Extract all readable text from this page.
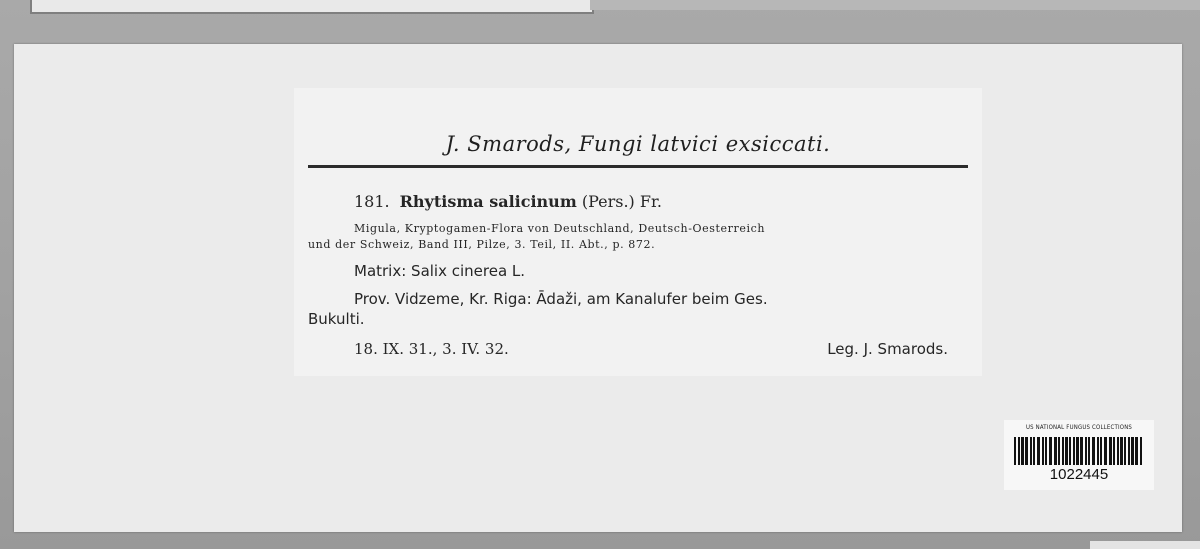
J. Smarods, Fungi latvici exsiccati.
181. Rhytisma salicinum (Pers.) Fr.
Migula, Kryptogamen-Flora von Deutschland, Deutsch-Oesterreich
und der Schweiz, Band III, Pilze, 3. Teil, II. Abt., p. 872.
Matrix: Salix cinerea L.
Prov. Vidzeme, Kr. Riga: Ādaži, am Kanalufer beim Ges.
Bukulti.
18. IX. 31., 3. IV. 32.	Leg. J. Smarods.
US NATIONAL FUNGUS COLLECTIONS
1022445
